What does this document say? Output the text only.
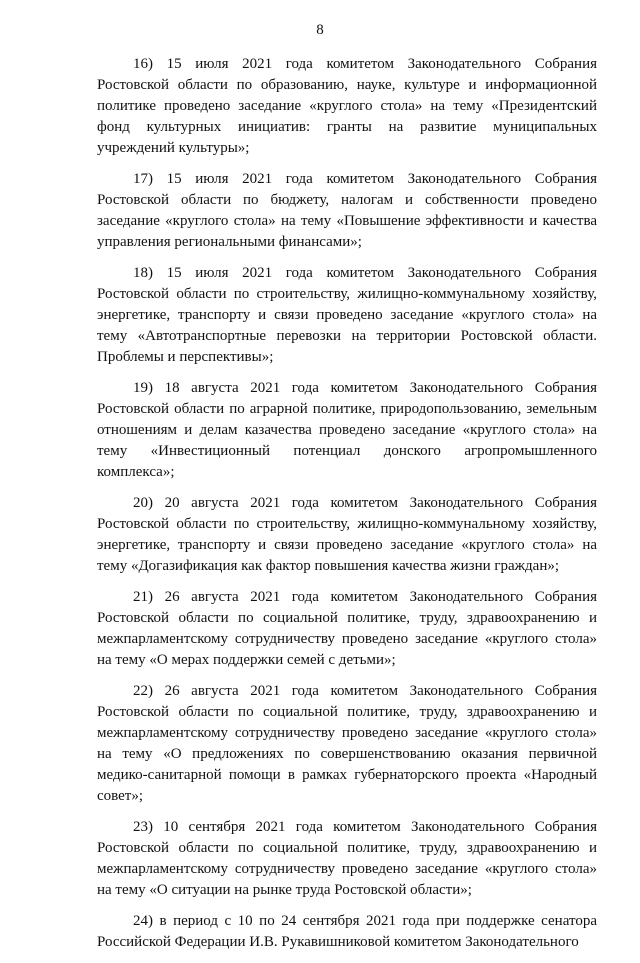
8

16) 15 июля 2021 года комитетом Законодательного Собрания Ростовской области по образованию, науке, культуре и информационной политике проведено заседание «круглого стола» на тему «Президентский фонд культурных инициатив: гранты на развитие муниципальных учреждений культуры»;

17) 15 июля 2021 года комитетом Законодательного Собрания Ростовской области по бюджету, налогам и собственности проведено заседание «круглого стола» на тему «Повышение эффективности и качества управления региональными финансами»;

18) 15 июля 2021 года комитетом Законодательного Собрания Ростовской области по строительству, жилищно-коммунальному хозяйству, энергетике, транспорту и связи проведено заседание «круглого стола» на тему «Автотранспортные перевозки на территории Ростовской области. Проблемы и перспективы»;

19) 18 августа 2021 года комитетом Законодательного Собрания Ростовской области по аграрной политике, природопользованию, земельным отношениям и делам казачества проведено заседание «круглого стола» на тему «Инвестиционный потенциал донского агропромышленного комплекса»;

20) 20 августа 2021 года комитетом Законодательного Собрания Ростовской области по строительству, жилищно-коммунальному хозяйству, энергетике, транспорту и связи проведено заседание «круглого стола» на тему «Догазификация как фактор повышения качества жизни граждан»;

21) 26 августа 2021 года комитетом Законодательного Собрания Ростовской области по социальной политике, труду, здравоохранению и межпарламентскому сотрудничеству проведено заседание «круглого стола» на тему «О мерах поддержки семей с детьми»;

22) 26 августа 2021 года комитетом Законодательного Собрания Ростовской области по социальной политике, труду, здравоохранению и межпарламентскому сотрудничеству проведено заседание «круглого стола» на тему «О предложениях по совершенствованию оказания первичной медико-санитарной помощи в рамках губернаторского проекта «Народный совет»;

23) 10 сентября 2021 года комитетом Законодательного Собрания Ростовской области по социальной политике, труду, здравоохранению и межпарламентскому сотрудничеству проведено заседание «круглого стола» на тему «О ситуации на рынке труда Ростовской области»;

24) в период с 10 по 24 сентября 2021 года при поддержке сенатора Российской Федерации И.В. Рукавишниковой комитетом Законодательного
